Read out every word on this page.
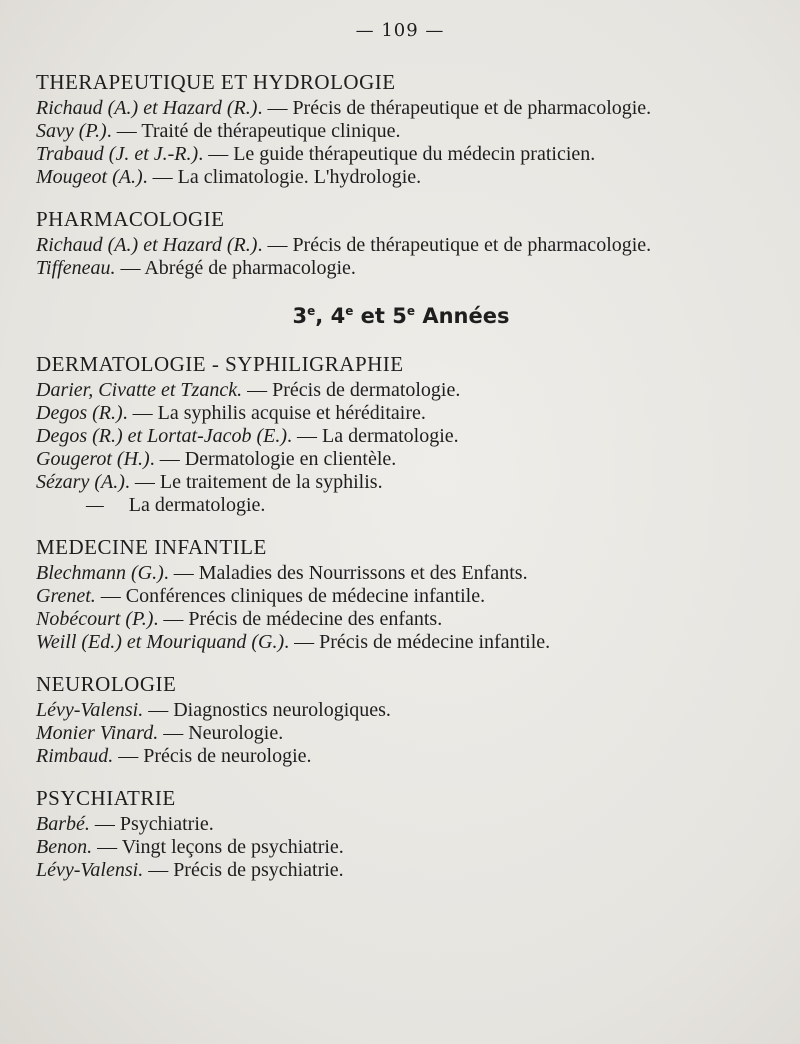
— 109 —
THERAPEUTIQUE ET HYDROLOGIE
Richaud (A.) et Hazard (R.). — Précis de thérapeutique et de pharmacologie.
Savy (P.). — Traité de thérapeutique clinique.
Trabaud (J. et J.-R.). — Le guide thérapeutique du médecin praticien.
Mougeot (A.). — La climatologie. L'hydrologie.
PHARMACOLOGIE
Richaud (A.) et Hazard (R.). — Précis de thérapeutique et de pharmacologie.
Tiffeneau. — Abrégé de pharmacologie.
3e, 4e et 5e Années
DERMATOLOGIE - SYPHILIGRAPHIE
Darier, Civatte et Tzanck. — Précis de dermatologie.
Degos (R.). — La syphilis acquise et héréditaire.
Degos (R.) et Lortat-Jacob (E.). — La dermatologie.
Gougerot (H.). — Dermatologie en clientèle.
Sézary (A.). — Le traitement de la syphilis.
— La dermatologie.
MEDECINE INFANTILE
Blechmann (G.). — Maladies des Nourrissons et des Enfants.
Grenet. — Conférences cliniques de médecine infantile.
Nobécourt (P.). — Précis de médecine des enfants.
Weill (Ed.) et Mouriquand (G.). — Précis de médecine infantile.
NEUROLOGIE
Lévy-Valensi. — Diagnostics neurologiques.
Monier Vinard. — Neurologie.
Rimbaud. — Précis de neurologie.
PSYCHIATRIE
Barbé. — Psychiatrie.
Benon. — Vingt leçons de psychiatrie.
Lévy-Valensi. — Précis de psychiatrie.
